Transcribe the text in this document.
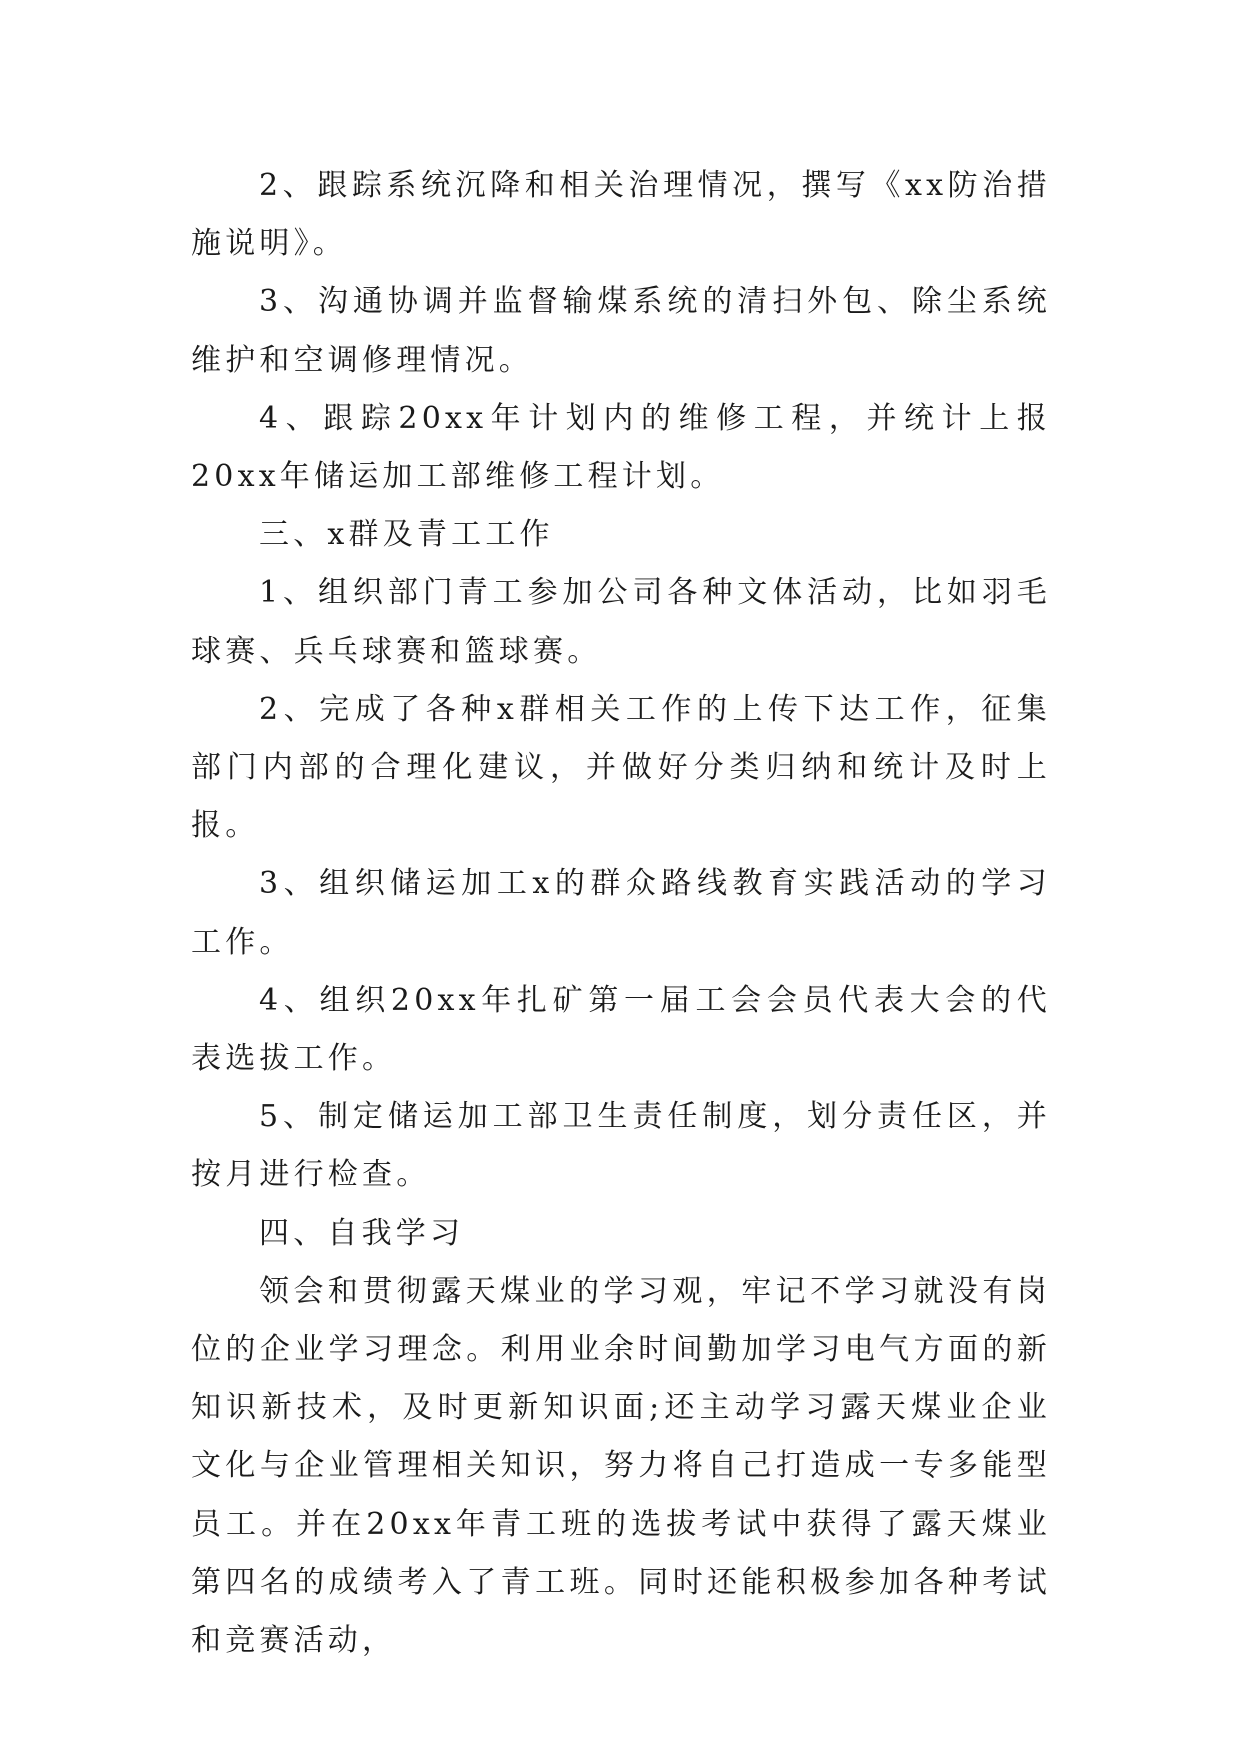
2、跟踪系统沉降和相关治理情况，撰写《xx防治措施说明》。

3、沟通协调并监督输煤系统的清扫外包、除尘系统维护和空调修理情况。

4、跟踪20xx年计划内的维修工程，并统计上报20xx年储运加工部维修工程计划。

三、x群及青工工作

1、组织部门青工参加公司各种文体活动，比如羽毛球赛、兵乓球赛和篮球赛。

2、完成了各种x群相关工作的上传下达工作，征集部门内部的合理化建议，并做好分类归纳和统计及时上报。

3、组织储运加工x的群众路线教育实践活动的学习工作。

4、组织20xx年扎矿第一届工会会员代表大会的代表选拔工作。

5、制定储运加工部卫生责任制度，划分责任区，并按月进行检查。

四、自我学习

领会和贯彻露天煤业的学习观，牢记不学习就没有岗位的企业学习理念。利用业余时间勤加学习电气方面的新知识新技术，及时更新知识面;还主动学习露天煤业企业文化与企业管理相关知识，努力将自己打造成一专多能型员工。并在20xx年青工班的选拔考试中获得了露天煤业第四名的成绩考入了青工班。同时还能积极参加各种考试和竞赛活动，
